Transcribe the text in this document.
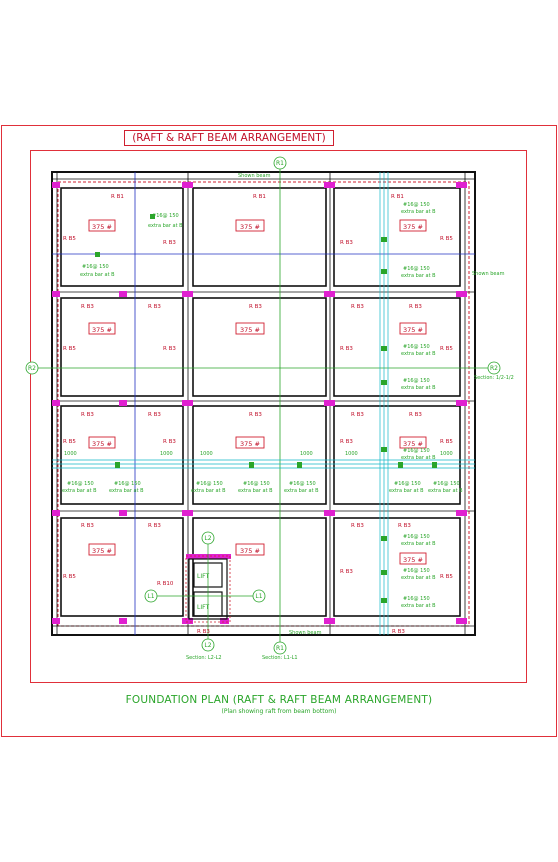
(RAFT & RAFT BEAM ARRANGEMENT)
LIFT
LIFT
R1
R2	R2
R1
L2
L2
L1	L1
375 #	375 #	375 #
375 #	375 #	375 #
375 #	375 #	375 #
375 #	375 #
375 #
R B1	R B1	R B1
R B5
R B3	R B3
R B5
R B3	R B3	R B3	R B3	R B3
R B5	R B3	R B3	R B5
R B3	R B3	R B3	R B3	R B3
R B5	R B3	R B3	R B5
R B3	R B3	R B3	R B3
R B5
R B10
R B3
R B5
R B3	R B3
Shown beam
Shown beam
Shown beam
Section: 1/2-1/2
Section: L2-L2	Section: L1-L1
#16@ 150
extra bar at B
#16@ 150
extra bar at B
#16@ 150
extra bar at B
#16@ 150
extra bar at B
#16@ 150
extra bar at B
#16@ 150
extra bar at B
#16@ 150
extra bar at B
#16@ 150
extra bar at B
#16@ 150
extra bar at B
#16@ 150
extra bar at B
#16@ 150
extra bar at B
#16@ 150
extra bar at B
#16@ 150
extra bar at B
#16@ 150
extra bar at B
#16@ 150
extra bar at B
#16@ 150
extra bar at B
#16@ 150
extra bar at B
1000	1000	1000	1000	1000	1000
FOUNDATION PLAN (RAFT & RAFT BEAM ARRANGEMENT)
(Plan showing raft from beam bottom)
